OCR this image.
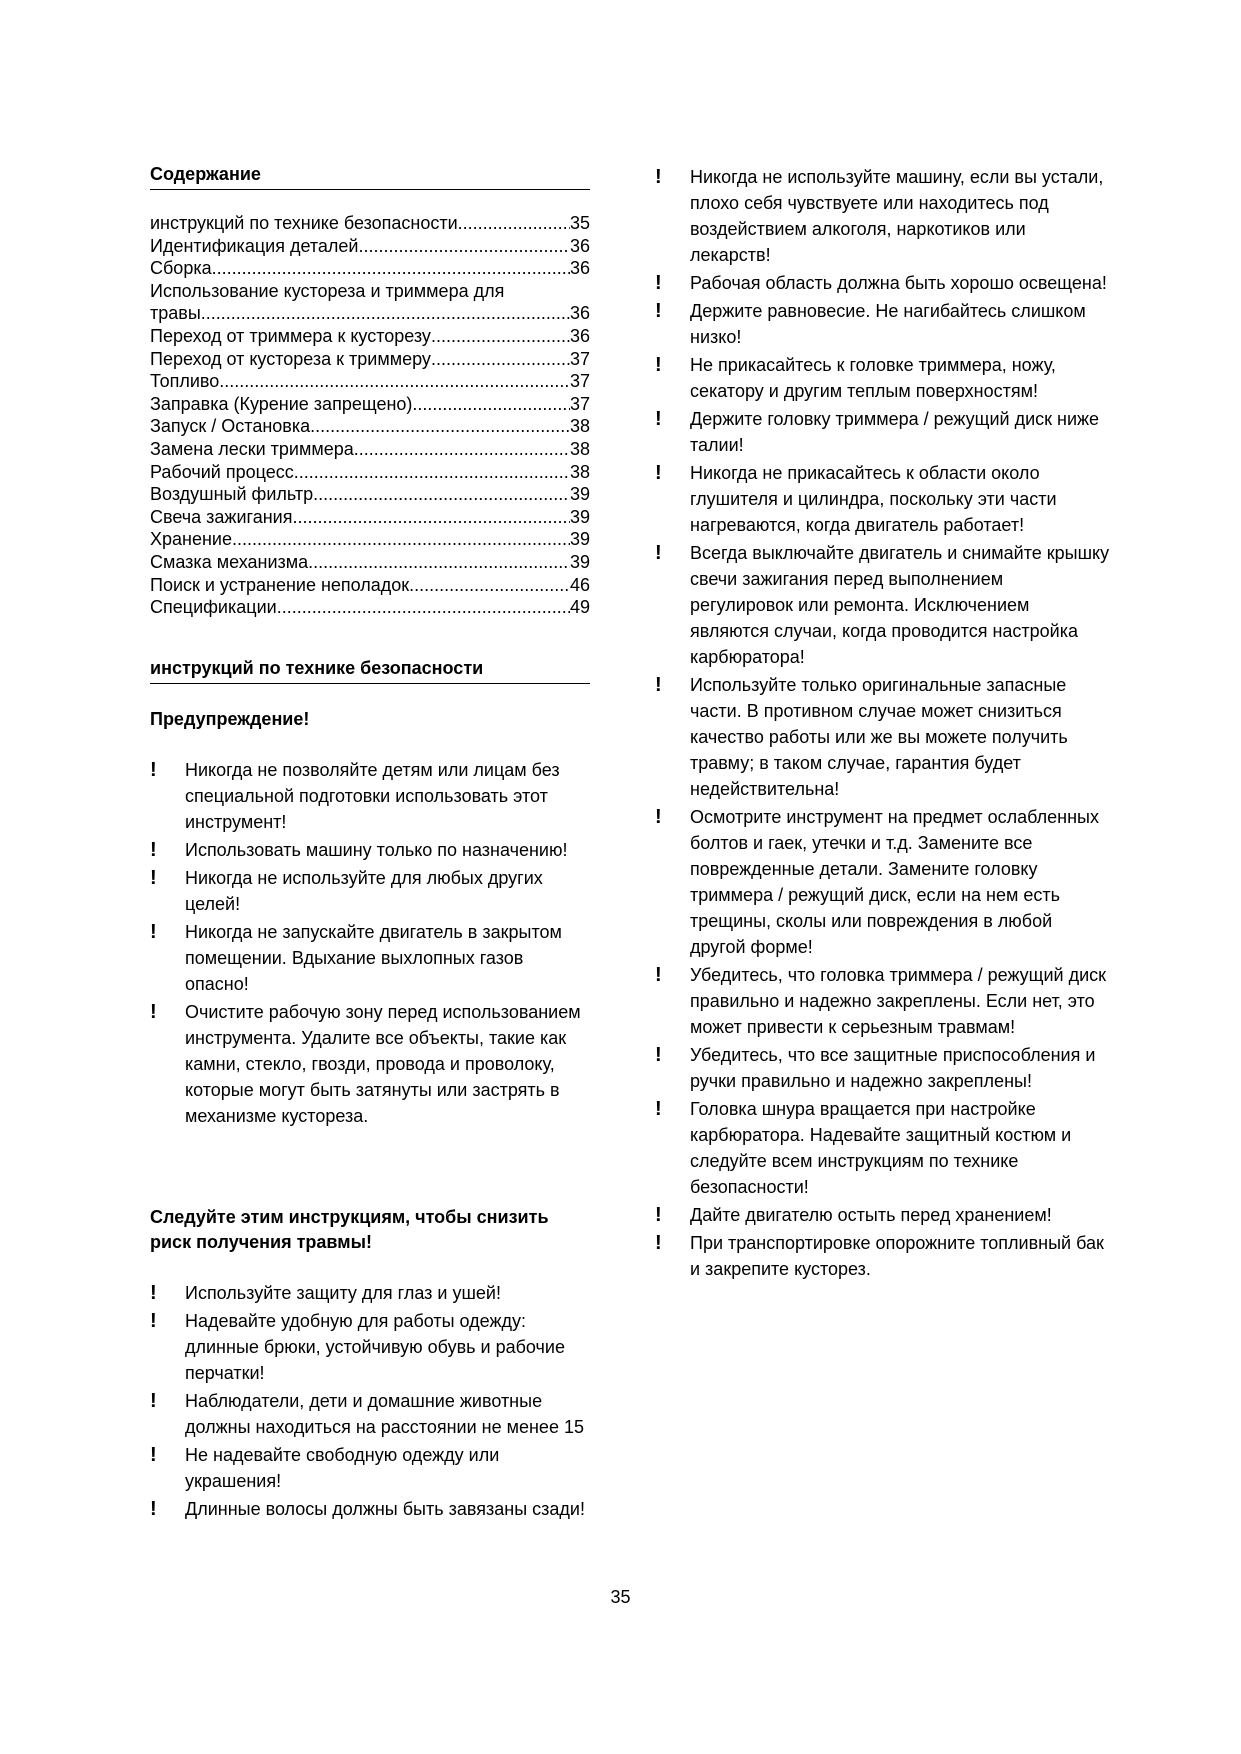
Содержание
инструкций по технике безопасности .....	35
Идентификация деталей .....	36
Сборка .....	36
Использование кустореза и триммера для
травы .....	36
Переход от триммера к кусторезу .....	36
Переход от кустореза к триммеру .....	37
Топливо .....	37
Заправка (Курение запрещено) .....	37
Запуск / Остановка .....	38
Замена лески триммера .....	38
Рабочий процесс .....	38
Воздушный фильтр .....	39
Свеча зажигания .....	39
Хранение .....	39
Смазка механизма .....	39
Поиск и устранение неполадок .....	46
Спецификации .....	49
инструкций по технике безопасности
Предупреждение!
! Никогда не позволяйте детям или лицам без специальной подготовки использовать этот инструмент!
! Использовать машину только по назначению!
! Никогда не используйте для любых других целей!
! Никогда не запускайте двигатель в закрытом помещении. Вдыхание выхлопных газов опасно!
! Очистите рабочую зону перед использованием инструмента. Удалите все объекты, такие как камни, стекло, гвозди, провода и проволоку, которые могут быть затянуты или застрять в механизме кустореза.
Следуйте этим инструкциям, чтобы снизить риск получения травмы!
! Используйте защиту для глаз и ушей!
! Надевайте удобную для работы одежду: длинные брюки, устойчивую обувь и рабочие перчатки!
! Наблюдатели, дети и домашние животные должны находиться на расстоянии не менее 15
! Не надевайте свободную одежду или украшения!
! Длинные волосы должны быть завязаны сзади!
! Никогда не используйте машину, если вы устали, плохо себя чувствуете или находитесь под воздействием алкоголя, наркотиков или лекарств!
! Рабочая область должна быть хорошо освещена!
! Держите равновесие. Не нагибайтесь слишком низко!
! Не прикасайтесь к головке триммера, ножу, секатору и другим теплым поверхностям!
! Держите головку триммера / режущий диск ниже талии!
! Никогда не прикасайтесь к области около глушителя и цилиндра, поскольку эти части нагреваются, когда двигатель работает!
! Всегда выключайте двигатель и снимайте крышку свечи зажигания перед выполнением регулировок или ремонта. Исключением являются случаи, когда проводится настройка карбюратора!
! Используйте только оригинальные запасные части. В противном случае может снизиться качество работы или же вы можете получить травму; в таком случае, гарантия будет недействительна!
! Осмотрите инструмент на предмет ослабленных болтов и гаек, утечки и т.д. Замените все поврежденные детали. Замените головку триммера / режущий диск, если на нем есть трещины, сколы или повреждения в любой другой форме!
! Убедитесь, что головка триммера / режущий диск правильно и надежно закреплены. Если нет, это может привести к серьезным травмам!
! Убедитесь, что все защитные приспособления и ручки правильно и надежно закреплены!
! Головка шнура вращается при настройке карбюратора. Надевайте защитный костюм и следуйте всем инструкциям по технике безопасности!
! Дайте двигателю остыть перед хранением!
! При транспортировке опорожните топливный бак и закрепите кусторез.
35
